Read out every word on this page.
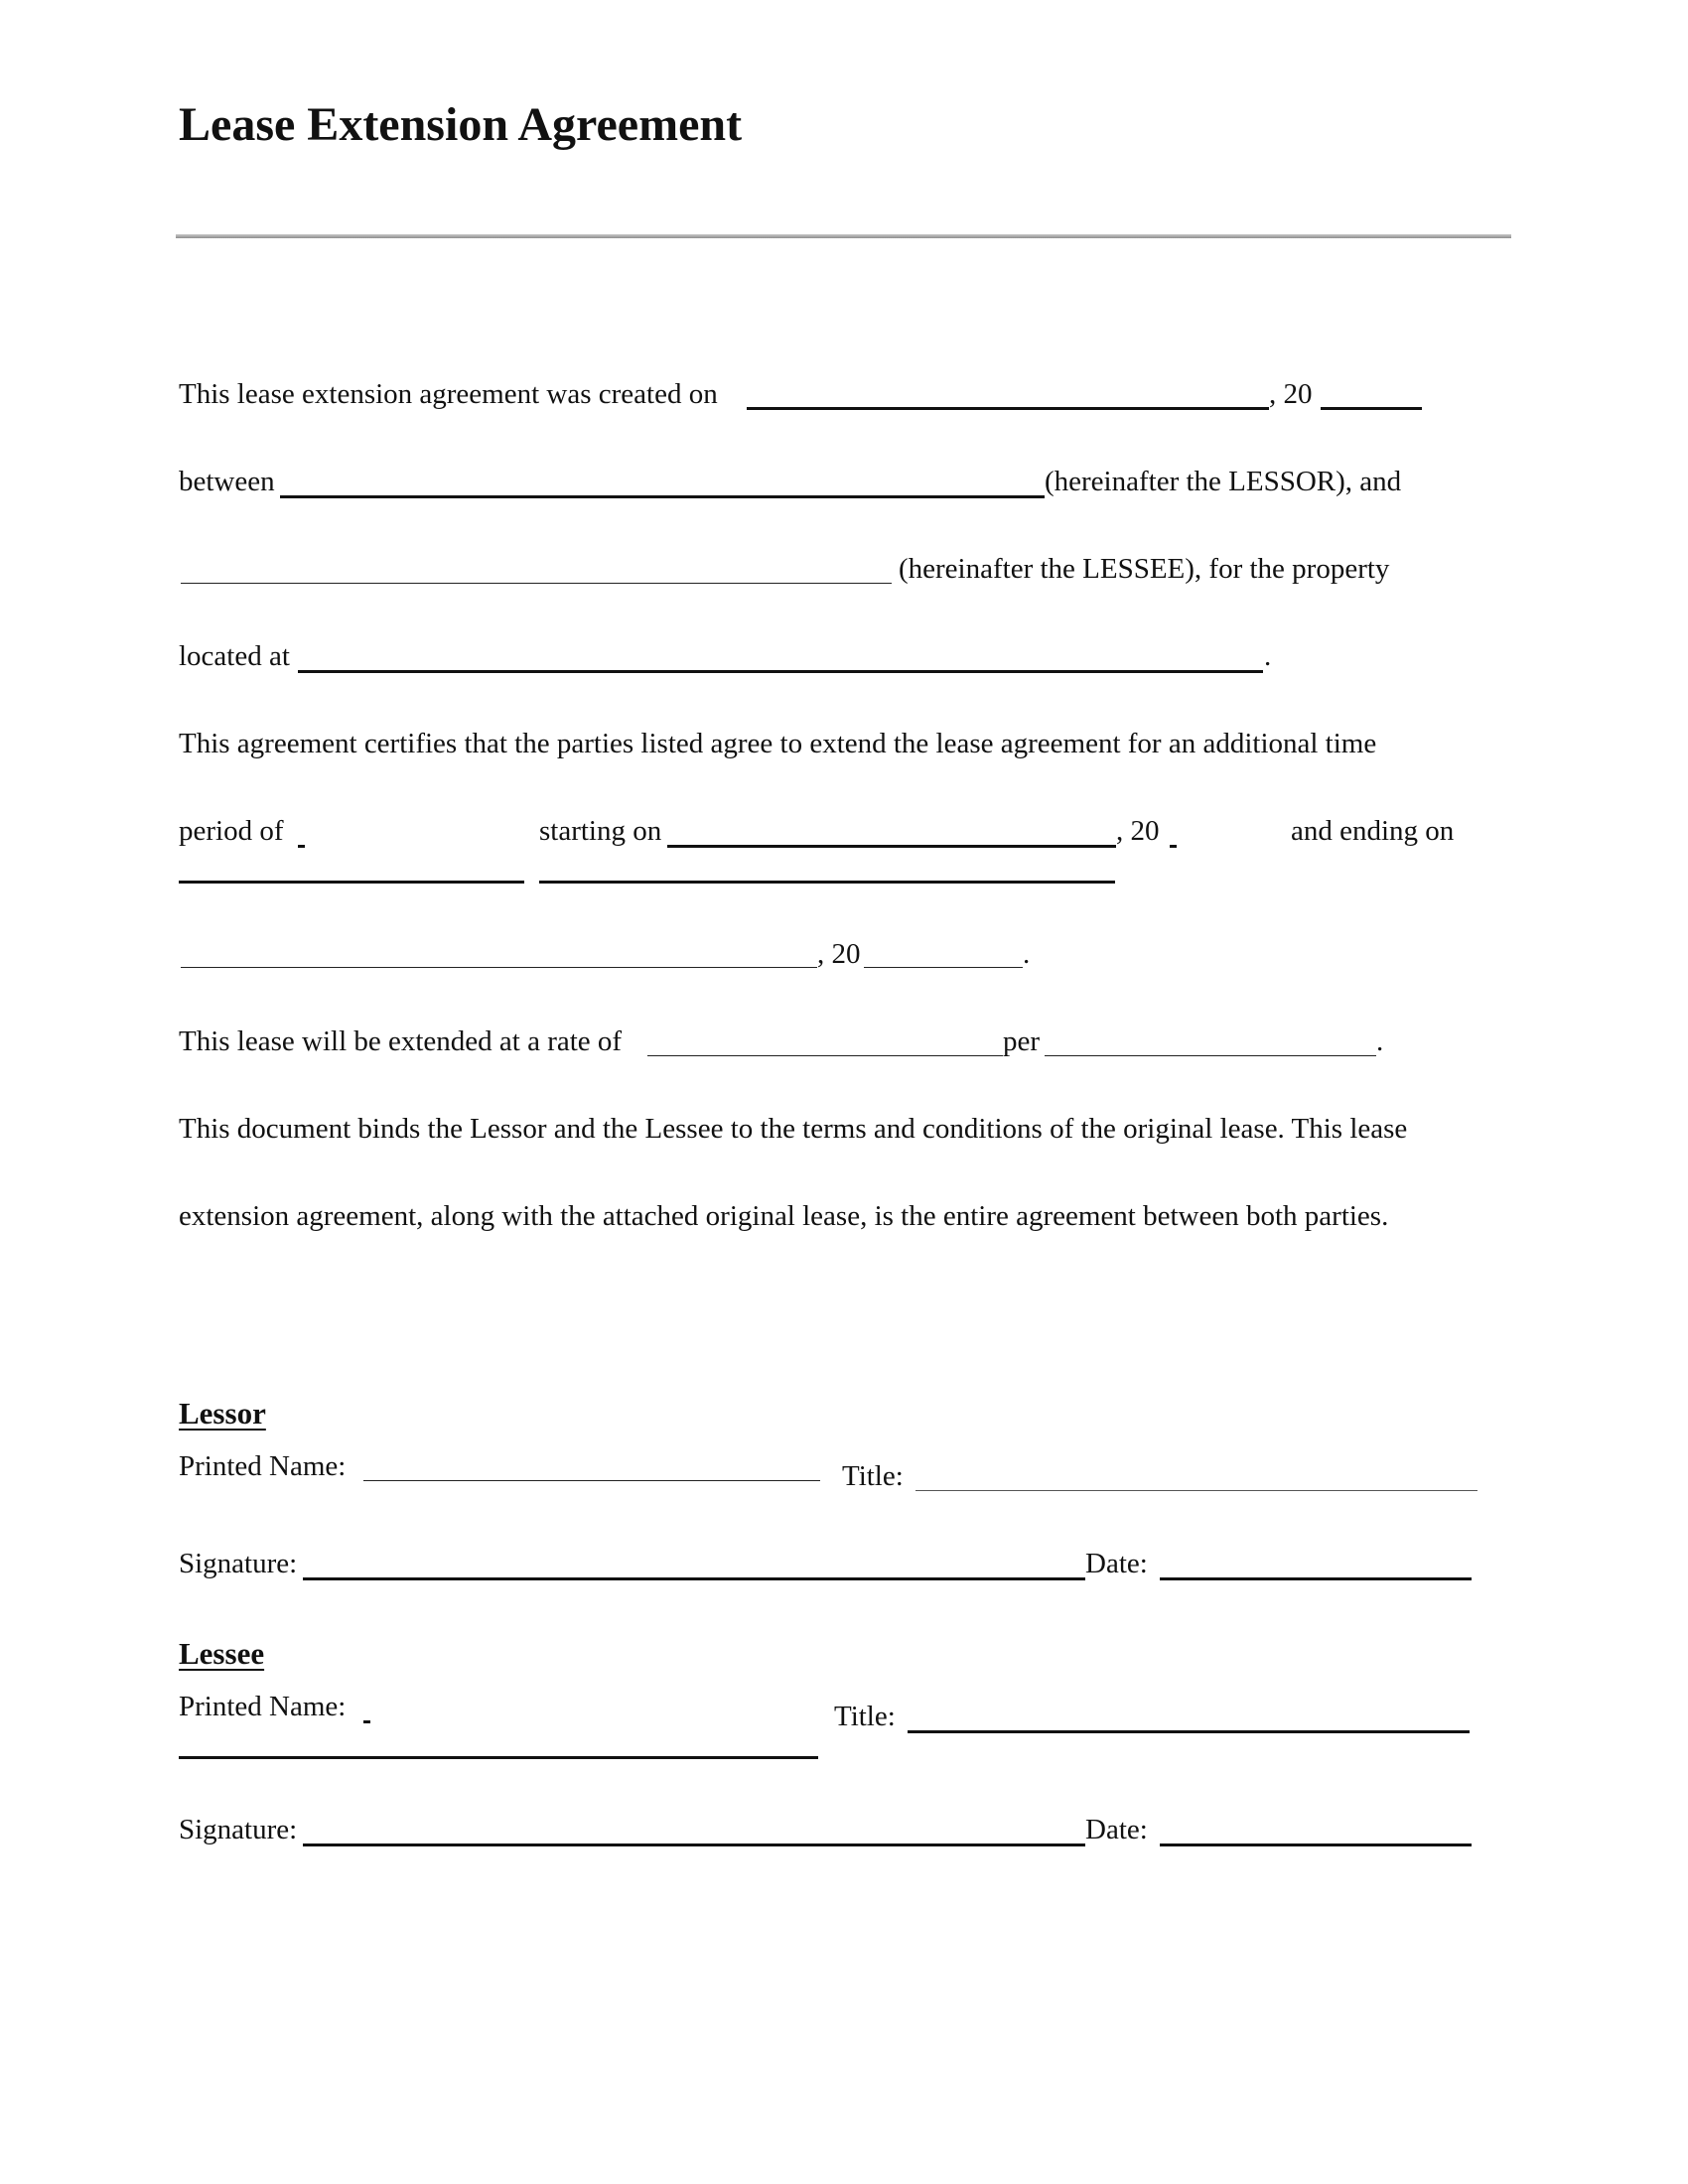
Lease Extension Agreement
This lease extension agreement was created on	, 20
between	(hereinafter the LESSOR), and
(hereinafter the LESSEE), for the property
located at	.
This agreement certifies that the parties listed agree to extend the lease agreement for an additional time
period of	starting on	, 20	and ending on
, 20	.
This lease will be extended at a rate of	per	.
This document binds the Lessor and the Lessee to the terms and conditions of the original lease. This lease
extension agreement, along with the attached original lease, is the entire agreement between both parties.
Lessor
Printed Name:	Title:
Signature:	Date:
Lessee
Printed Name:	Title:
Signature:	Date:
